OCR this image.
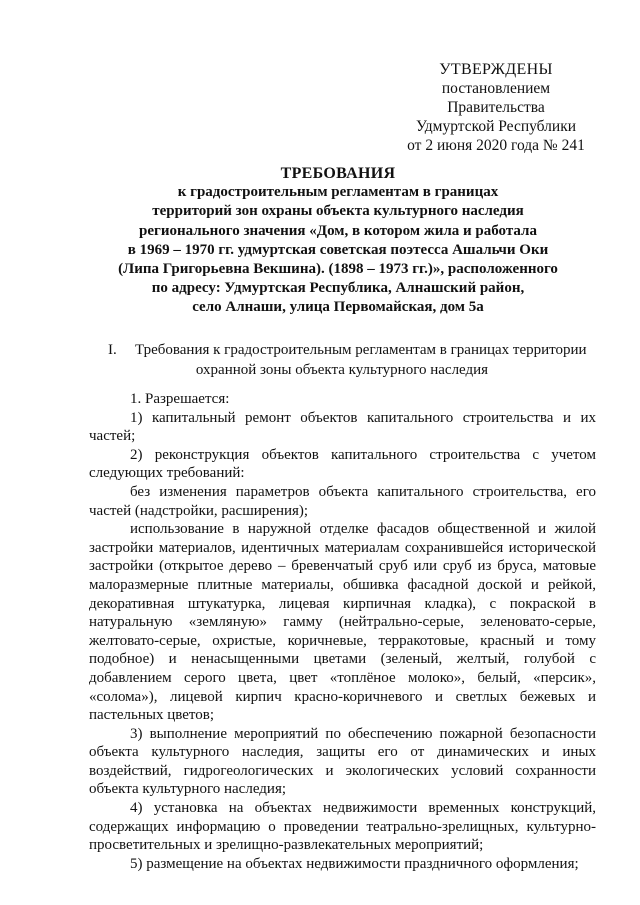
УТВЕРЖДЕНЫ
постановлением Правительства
Удмуртской Республики
от 2 июня 2020 года № 241
ТРЕБОВАНИЯ
к градостроительным регламентам в границах
территорий зон охраны объекта культурного наследия
регионального значения «Дом, в котором жила и работала
в 1969 – 1970 гг. удмуртская советская поэтесса Ашальчи Оки
(Липа Григорьевна Векшина). (1898 – 1973 гг.)», расположенного
по адресу: Удмуртская Республика, Алнашский район,
село Алнаши, улица Первомайская, дом 5а
I. Требования к градостроительным регламентам в границах территории
охранной зоны объекта культурного наследия

1. Разрешается:

1) капитальный ремонт объектов капитального строительства и их частей;

2) реконструкция объектов капитального строительства с учетом следующих требований:

без изменения параметров объекта капитального строительства, его частей (надстройки, расширения);

использование в наружной отделке фасадов общественной и жилой застройки материалов, идентичных материалам сохранившейся исторической застройки (открытое дерево – бревенчатый сруб или сруб из бруса, матовые малоразмерные плитные материалы, обшивка фасадной доской и рейкой, декоративная штукатурка, лицевая кирпичная кладка), с покраской в натуральную «земляную» гамму (нейтрально-серые, зеленовато-серые, желтовато-серые, охристые, коричневые, терракотовые, красный и тому подобное) и ненасыщенными цветами (зеленый, желтый, голубой с добавлением серого цвета, цвет «топлёное молоко», белый, «персик», «солома»), лицевой кирпич красно-коричневого и светлых бежевых и пастельных цветов;

3) выполнение мероприятий по обеспечению пожарной безопасности объекта культурного наследия, защиты его от динамических и иных воздействий, гидрогеологических и экологических условий сохранности объекта культурного наследия;

4) установка на объектах недвижимости временных конструкций, содержащих информацию о проведении театрально-зрелищных, культурно-просветительных и зрелищно-развлекательных мероприятий;

5) размещение на объектах недвижимости праздничного оформления;
